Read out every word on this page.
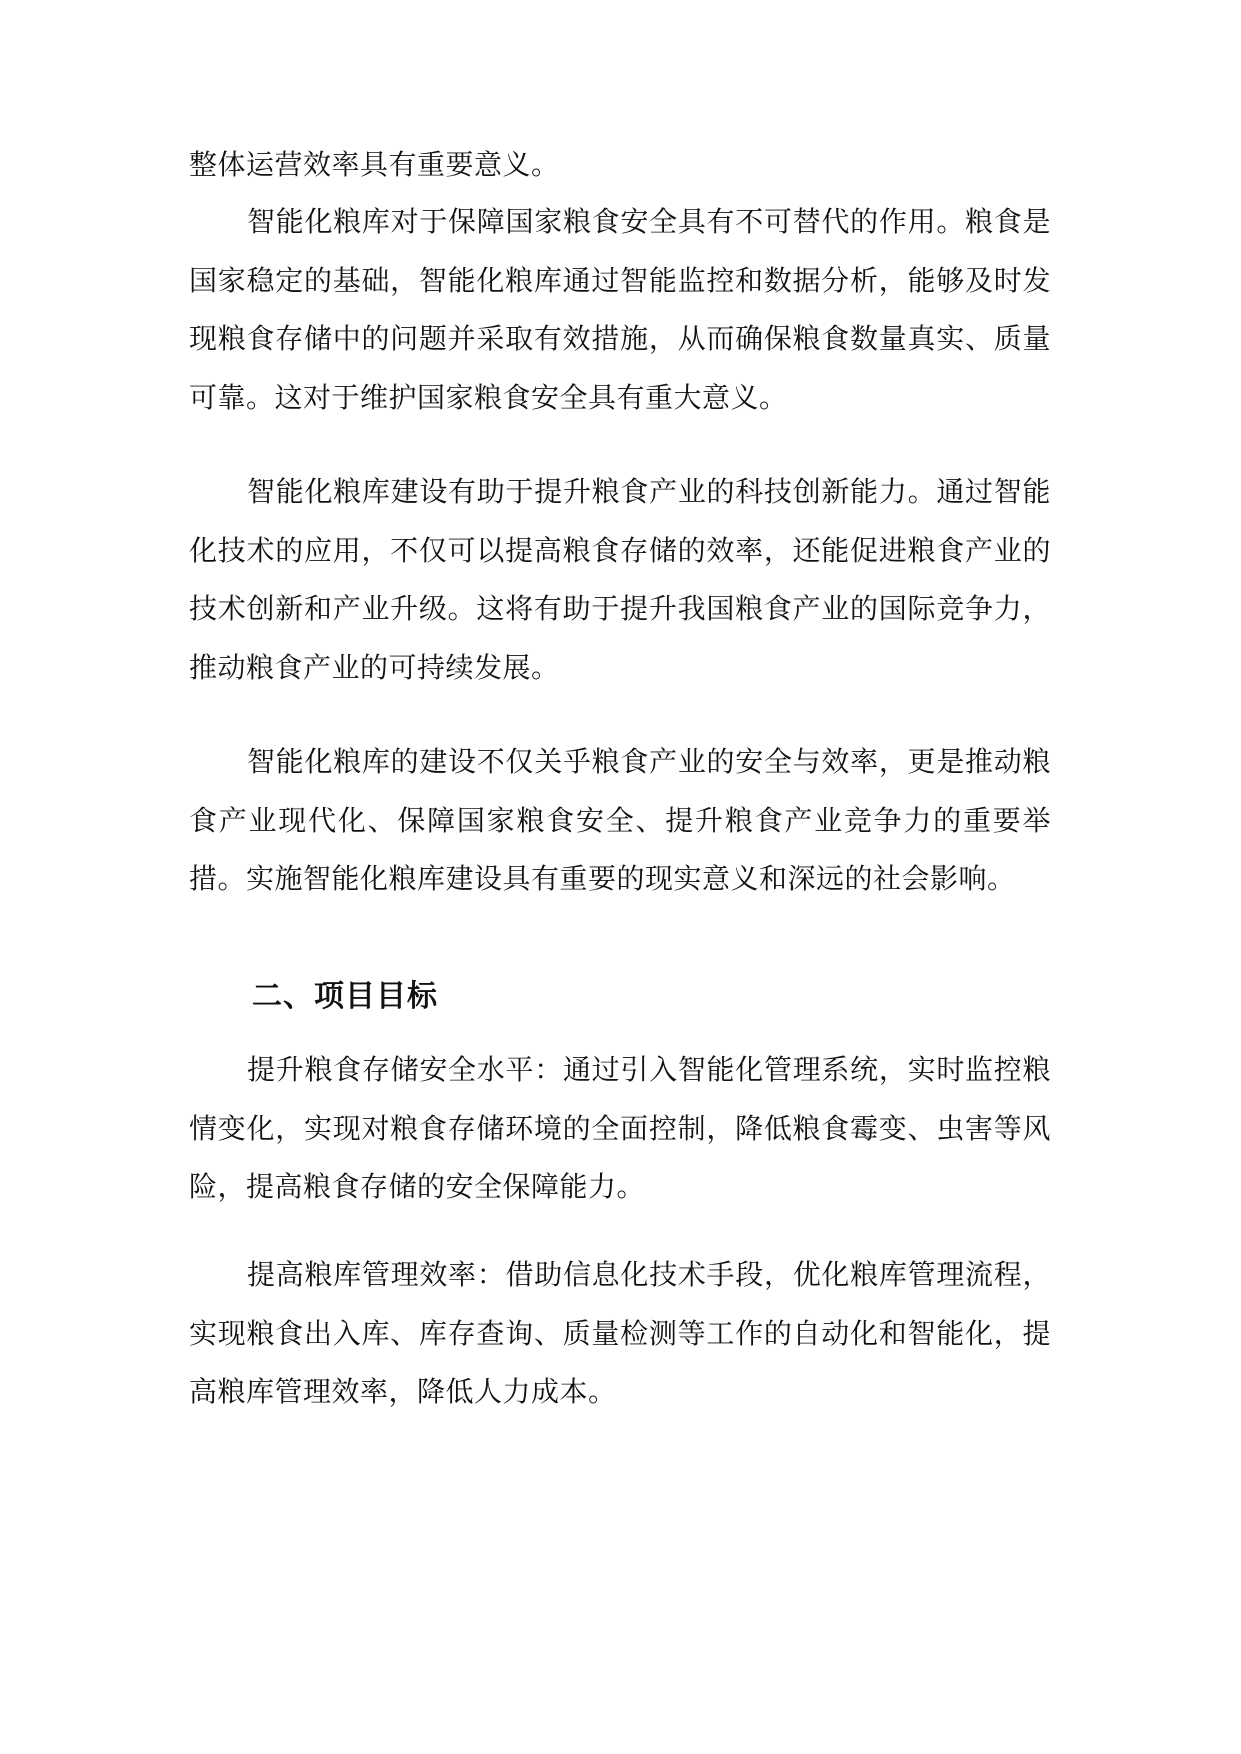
整体运营效率具有重要意义。

智能化粮库对于保障国家粮食安全具有不可替代的作用。粮食是国家稳定的基础，智能化粮库通过智能监控和数据分析，能够及时发现粮食存储中的问题并采取有效措施，从而确保粮食数量真实、质量可靠。这对于维护国家粮食安全具有重大意义。

智能化粮库建设有助于提升粮食产业的科技创新能力。通过智能化技术的应用，不仅可以提高粮食存储的效率，还能促进粮食产业的技术创新和产业升级。这将有助于提升我国粮食产业的国际竞争力，推动粮食产业的可持续发展。

智能化粮库的建设不仅关乎粮食产业的安全与效率，更是推动粮食产业现代化、保障国家粮食安全、提升粮食产业竞争力的重要举措。实施智能化粮库建设具有重要的现实意义和深远的社会影响。

二、项目目标

提升粮食存储安全水平：通过引入智能化管理系统，实时监控粮情变化，实现对粮食存储环境的全面控制，降低粮食霉变、虫害等风险，提高粮食存储的安全保障能力。

提高粮库管理效率：借助信息化技术手段，优化粮库管理流程，实现粮食出入库、库存查询、质量检测等工作的自动化和智能化，提高粮库管理效率，降低人力成本。
